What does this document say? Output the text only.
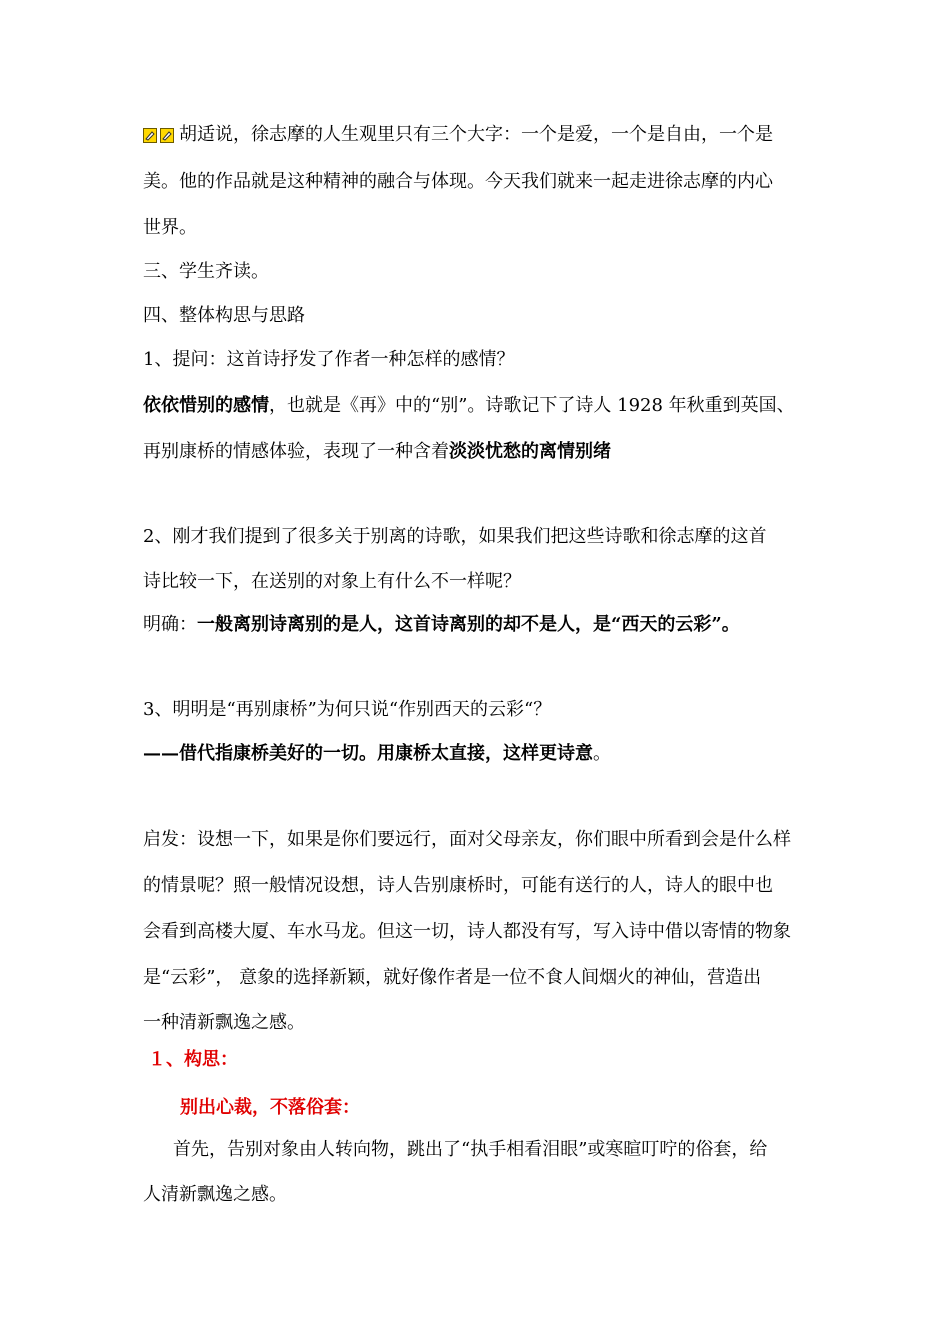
胡适说，徐志摩的人生观里只有三个大字：一个是爱，一个是自由，一个是
美。他的作品就是这种精神的融合与体现。今天我们就来一起走进徐志摩的内心
世界。
三、学生齐读。
四、整体构思与思路
1、提问：这首诗抒发了作者一种怎样的感情？
依依惜别的感情，也就是《再》中的“别”。诗歌记下了诗人 1928 年秋重到英国、
再别康桥的情感体验，表现了一种含着淡淡忧愁的离情别绪
2、刚才我们提到了很多关于别离的诗歌，如果我们把这些诗歌和徐志摩的这首
诗比较一下，在送别的对象上有什么不一样呢？
明确：一般离别诗离别的是人，这首诗离别的却不是人，是“西天的云彩”。
3、明明是“再别康桥”为何只说“作别西天的云彩“？
——借代指康桥美好的一切。用康桥太直接，这样更诗意。
启发：设想一下，如果是你们要远行，面对父母亲友，你们眼中所看到会是什么样
的情景呢？照一般情况设想，诗人告别康桥时，可能有送行的人，诗人的眼中也
会看到高楼大厦、车水马龙。但这一切，诗人都没有写，写入诗中借以寄情的物象
是“云彩”， 意象的选择新颖，就好像作者是一位不食人间烟火的神仙，营造出
一种清新飘逸之感。
１、构思：
别出心裁，不落俗套：
首先，告别对象由人转向物，跳出了“执手相看泪眼”或寒暄叮咛的俗套，给
人清新飘逸之感。
